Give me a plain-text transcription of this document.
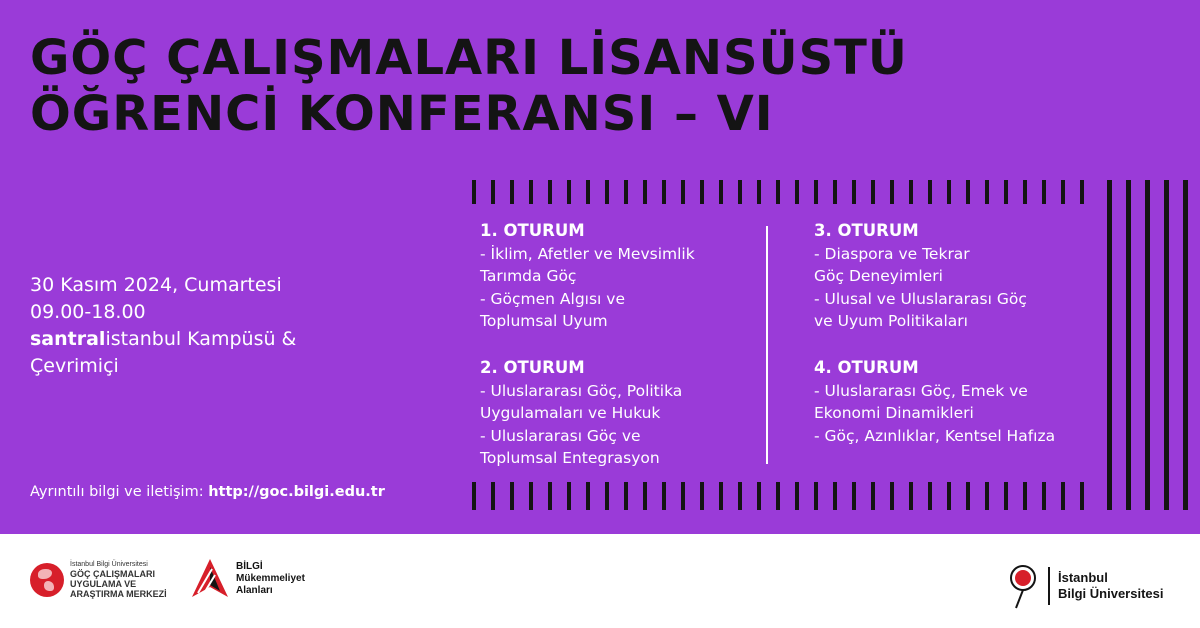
GÖÇ ÇALIŞMALARI LİSANSÜSTÜ
ÖĞRENCİ KONFERANSI – VI
30 Kasım 2024, Cumartesi
09.00-18.00
santralistanbul Kampüsü &
Çevrimiçi
Ayrıntılı bilgi ve iletişim: http://goc.bilgi.edu.tr
1. OTURUM
- İklim, Afetler ve Mevsimlik
Tarımda Göç
- Göçmen Algısı ve
Toplumsal Uyum
2. OTURUM
- Uluslararası Göç, Politika
Uygulamaları ve Hukuk
- Uluslararası Göç ve
Toplumsal Entegrasyon
3. OTURUM
- Diaspora ve Tekrar
Göç Deneyimleri
- Ulusal ve Uluslararası Göç
ve Uyum Politikaları
4. OTURUM
- Uluslararası Göç, Emek ve
Ekonomi Dinamikleri
- Göç, Azınlıklar, Kentsel Hafıza
İstanbul Bilgi Üniversitesi
GÖÇ ÇALIŞMALARI
UYGULAMA VE
ARAŞTIRMA MERKEZİ
BİLGİ
Mükemmeliyet
Alanları
İstanbul
Bilgi Üniversitesi
